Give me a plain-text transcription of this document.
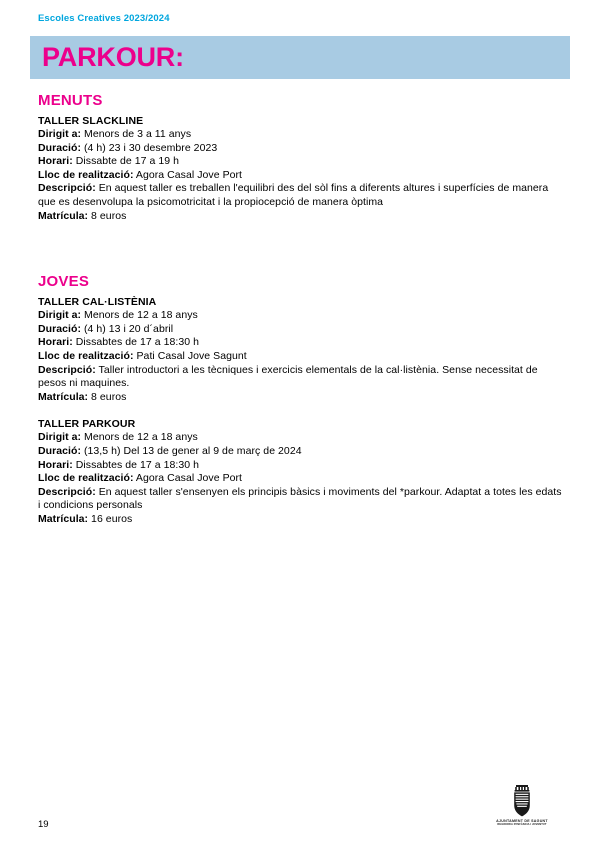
Escoles Creatives 2023/2024
PARKOUR:
MENUTS

TALLER SLACKLINE

Dirigit a: Menors de 3 a 11 anys

Duració: (4 h) 23 i 30 desembre 2023

Horari: Dissabte de 17 a 19 h

Lloc de realització: Agora Casal Jove Port

Descripció: En aquest taller es treballen l'equilibri des del sòl fins a diferents altures i superfícies de manera que es desenvolupa la psicomotricitat i la propiocepció de manera òptima

Matrícula: 8 euros

JOVES

TALLER CAL·LISTÈNIA

Dirigit a: Menors de 12 a 18 anys

Duració: (4 h) 13 i 20 d´abril

Horari: Dissabtes de 17 a 18:30 h

Lloc de realització: Pati Casal Jove Sagunt

Descripció: Taller introductori a les tècniques i exercicis elementals de la cal·listènia. Sense necessitat de pesos ni maquines.

Matrícula: 8 euros

TALLER PARKOUR

Dirigit a: Menors de 12 a 18 anys

Duració: (13,5 h) Del 13 de gener al 9 de març de 2024

Horari: Dissabtes de 17 a 18:30 h

Lloc de realització: Agora Casal Jove Port

Descripció: En aquest taller s'ensenyen els principis bàsics i moviments del *parkour. Adaptat a totes les edats i condicions personals

Matrícula: 16 euros

19	AJUNTAMENT DE SAGUNT
REGIDORIA D'INFÀNCIA I JOVENTUT
